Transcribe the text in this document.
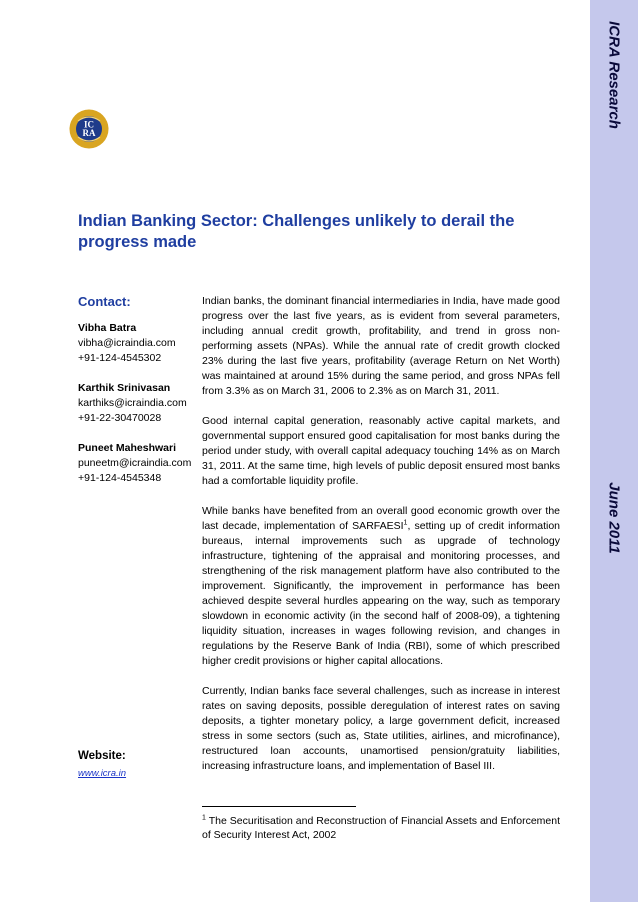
ICRA Research
June 2011
IC
RA
Indian Banking Sector: Challenges unlikely to derail the progress made
Contact:
Vibha Batra
vibha@icraindia.com
+91-124-4545302
Karthik Srinivasan
karthiks@icraindia.com
+91-22-30470028
Puneet Maheshwari
puneetm@icraindia.com
+91-124-4545348
Website:
www.icra.in

Indian banks, the dominant financial intermediaries in India, have made good progress over the last five years, as is evident from several parameters, including annual credit growth, profitability, and trend in gross non-performing assets (NPAs). While the annual rate of credit growth clocked 23% during the last five years, profitability (average Return on Net Worth) was maintained at around 15% during the same period, and gross NPAs fell from 3.3% as on March 31, 2006 to 2.3% as on March 31, 2011.

Good internal capital generation, reasonably active capital markets, and governmental support ensured good capitalisation for most banks during the period under study, with overall capital adequacy touching 14% as on March 31, 2011. At the same time, high levels of public deposit ensured most banks had a comfortable liquidity profile.

While banks have benefited from an overall good economic growth over the last decade, implementation of SARFAESI$^1$, setting up of credit information bureaus, internal improvements such as upgrade of technology infrastructure, tightening of the appraisal and monitoring processes, and strengthening of the risk management platform have also contributed to the improvement. Significantly, the improvement in performance has been achieved despite several hurdles appearing on the way, such as temporary slowdown in economic activity (in the second half of 2008-09), a tightening liquidity situation, increases in wages following revision, and changes in regulations by the Reserve Bank of India (RBI), some of which prescribed higher credit provisions or higher capital allocations.

Currently, Indian banks face several challenges, such as increase in interest rates on saving deposits, possible deregulation of interest rates on saving deposits, a tighter monetary policy, a large government deficit, increased stress in some sectors (such as, State utilities, airlines, and microfinance), restructured loan accounts, unamortised pension/gratuity liabilities, increasing infrastructure loans, and implementation of Basel III.

$^1$ The Securitisation and Reconstruction of Financial Assets and Enforcement of Security Interest Act, 2002
